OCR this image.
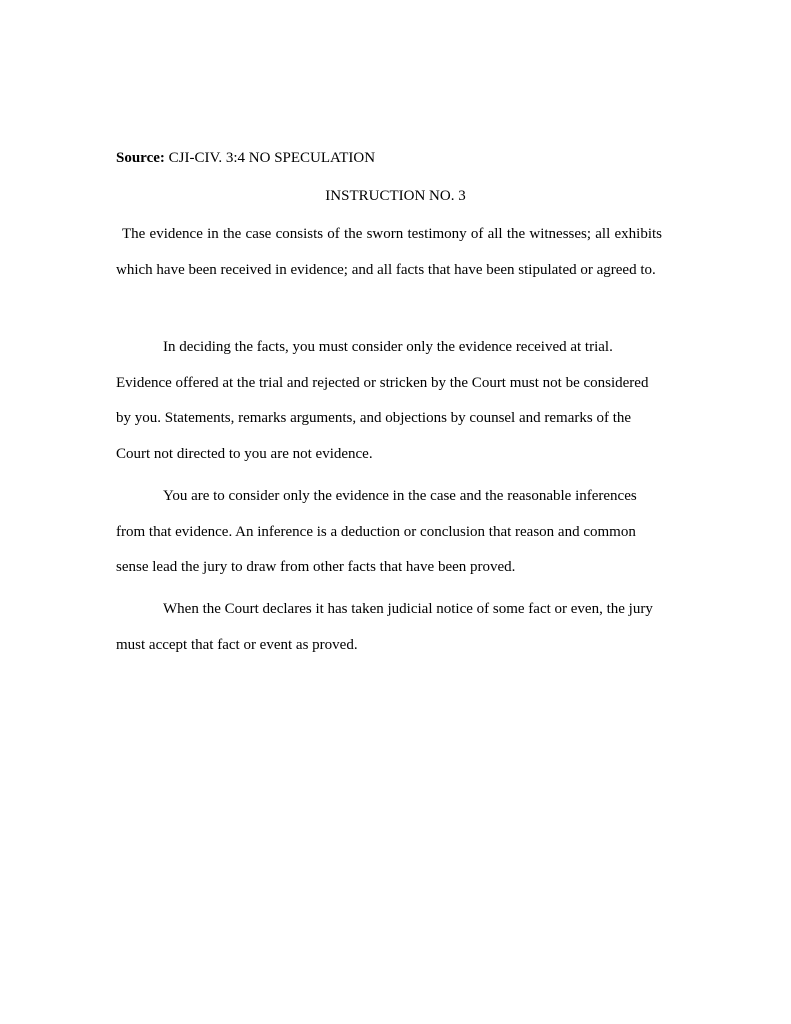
Source: CJI-CIV. 3:4 NO SPECULATION
INSTRUCTION NO. 3

The evidence in the case consists of the sworn testimony of all the witnesses; all exhibits which have been received in evidence; and all facts that have been stipulated or agreed to.

In deciding the facts, you must consider only the evidence received at trial. Evidence offered at the trial and rejected or stricken by the Court must not be considered by you. Statements, remarks arguments, and objections by counsel and remarks of the Court not directed to you are not evidence.

You are to consider only the evidence in the case and the reasonable inferences from that evidence. An inference is a deduction or conclusion that reason and common sense lead the jury to draw from other facts that have been proved.

When the Court declares it has taken judicial notice of some fact or even, the jury must accept that fact or event as proved.
